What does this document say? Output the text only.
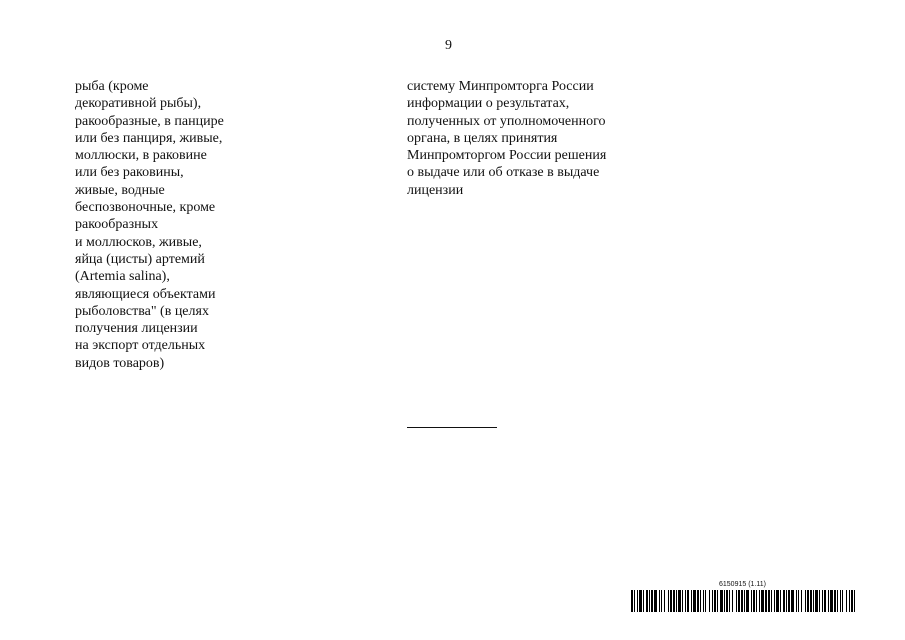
9
рыба (кроме
декоративной рыбы),
ракообразные, в панцире
или без панциря, живые,
моллюски, в раковине
или без раковины,
живые, водные
беспозвоночные, кроме
ракообразных
и моллюсков, живые,
яйца (цисты) артемий
(Artemia salina),
являющиеся объектами
рыболовства" (в целях
получения лицензии
на экспорт отдельных
видов товаров)
систему Минпромторга России
информации о результатах,
полученных от уполномоченного
органа, в целях принятия
Минпромторгом России решения
о выдаче или об отказе в выдаче
лицензии
6150915 (1.11)
